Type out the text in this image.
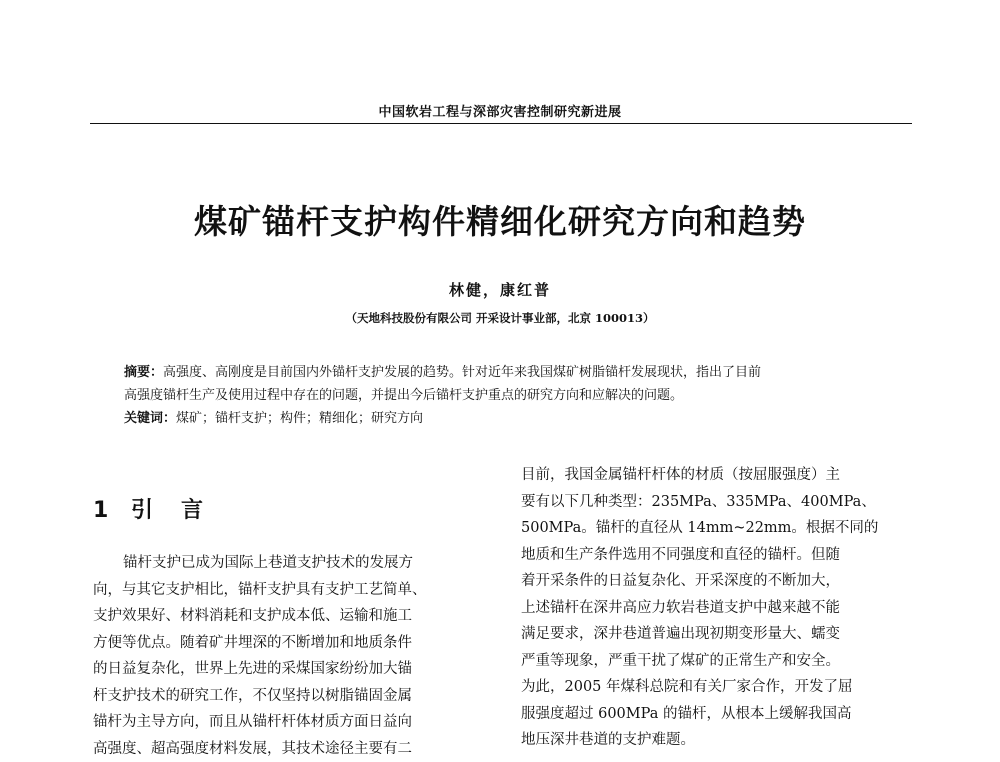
中国软岩工程与深部灾害控制研究新进展
煤矿锚杆支护构件精细化研究方向和趋势
林健，康红普
（天地科技股份有限公司 开采设计事业部，北京 100013）
摘要：高强度、高刚度是目前国内外锚杆支护发展的趋势。针对近年来我国煤矿树脂锚杆发展现状，指出了目前
高强度锚杆生产及使用过程中存在的问题，并提出今后锚杆支护重点的研究方向和应解决的问题。
关键词：煤矿；锚杆支护；构件；精细化；研究方向
1 引 言
锚杆支护已成为国际上巷道支护技术的发展方
向，与其它支护相比，锚杆支护具有支护工艺简单、
支护效果好、材料消耗和支护成本低、运输和施工
方便等优点。随着矿井埋深的不断增加和地质条件
的日益复杂化，世界上先进的采煤国家纷纷加大锚
杆支护技术的研究工作，不仅坚持以树脂锚固金属
锚杆为主导方向，而且从锚杆杆体材质方面日益向
高强度、超高强度材料发展，其技术途径主要有二
目前，我国金属锚杆杆体的材质（按屈服强度）主
要有以下几种类型：235MPa、335MPa、400MPa、
500MPa。锚杆的直径从 14mm~22mm。根据不同的
地质和生产条件选用不同强度和直径的锚杆。但随
着开采条件的日益复杂化、开采深度的不断加大，
上述锚杆在深井高应力软岩巷道支护中越来越不能
满足要求，深井巷道普遍出现初期变形量大、蠕变
严重等现象，严重干扰了煤矿的正常生产和安全。
为此，2005 年煤科总院和有关厂家合作，开发了屈
服强度超过 600MPa 的锚杆，从根本上缓解我国高
地压深井巷道的支护难题。
